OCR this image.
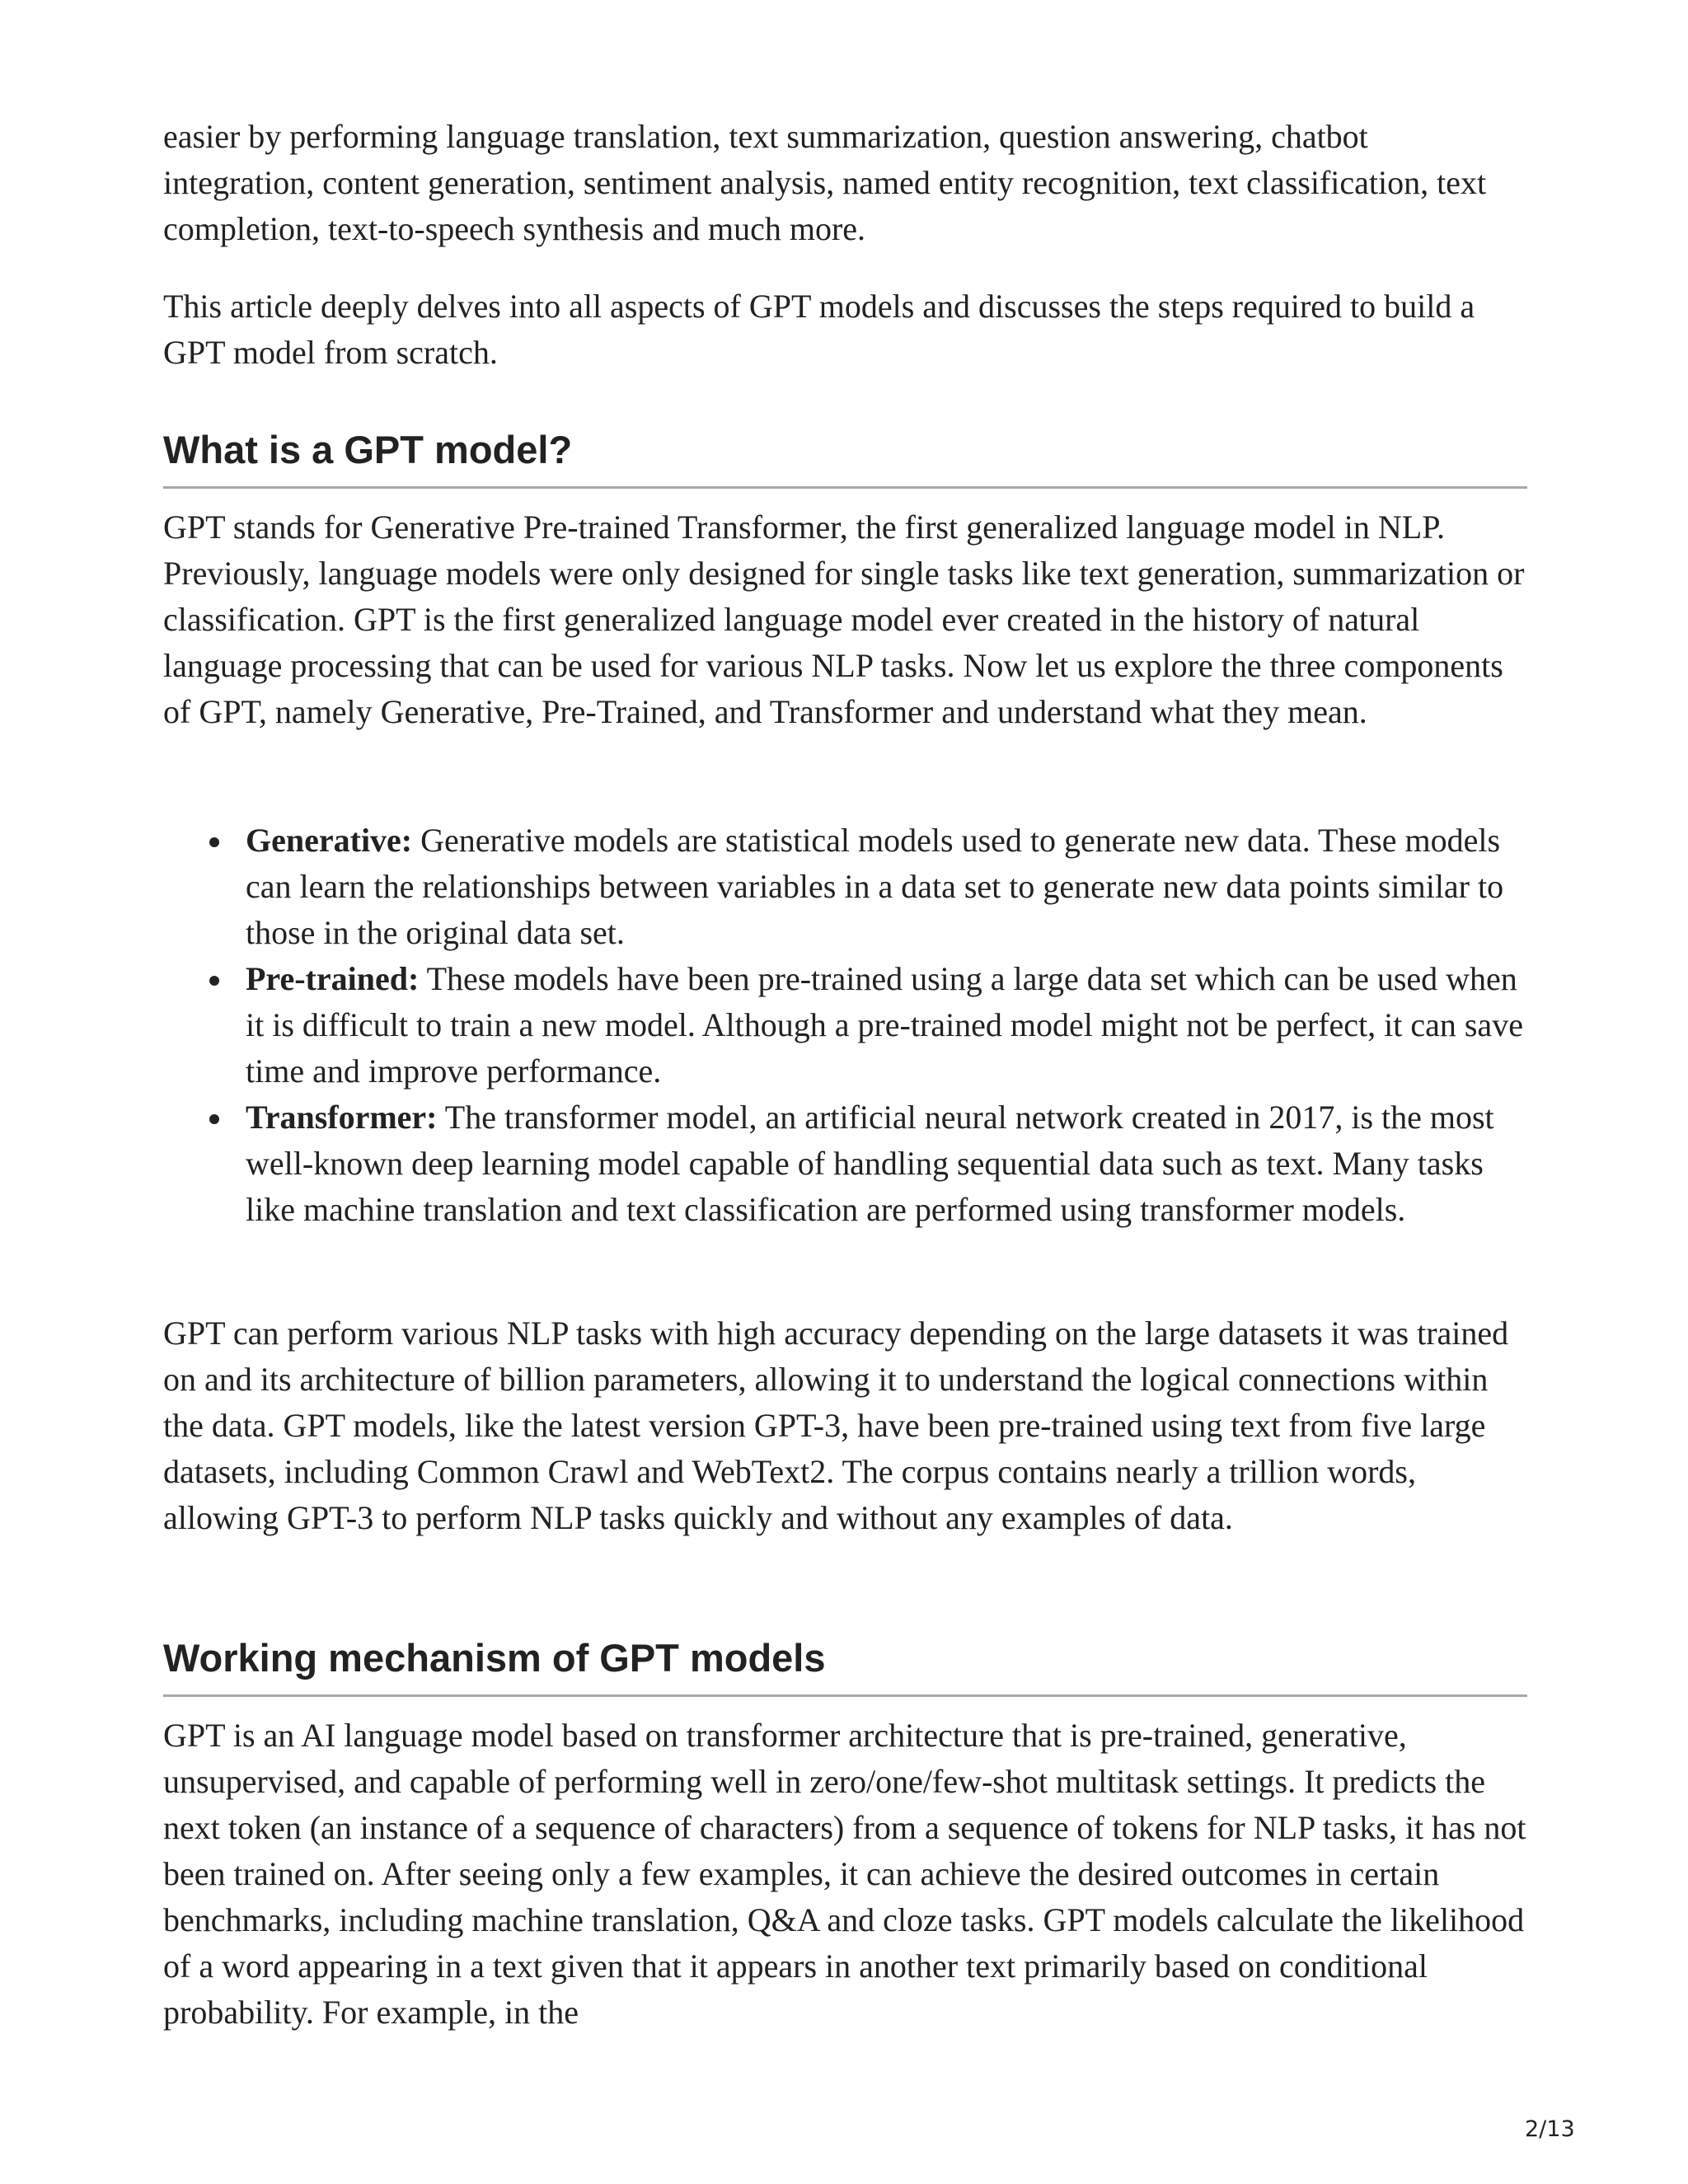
easier by performing language translation, text summarization, question answering, chatbot integration, content generation, sentiment analysis, named entity recognition, text classification, text completion, text-to-speech synthesis and much more.

This article deeply delves into all aspects of GPT models and discusses the steps required to build a GPT model from scratch.

What is a GPT model?

GPT stands for Generative Pre-trained Transformer, the first generalized language model in NLP. Previously, language models were only designed for single tasks like text generation, summarization or classification. GPT is the first generalized language model ever created in the history of natural language processing that can be used for various NLP tasks. Now let us explore the three components of GPT, namely Generative, Pre-Trained, and Transformer and understand what they mean.

Generative: Generative models are statistical models used to generate new data. These models can learn the relationships between variables in a data set to generate new data points similar to those in the original data set.
Pre-trained: These models have been pre-trained using a large data set which can be used when it is difficult to train a new model. Although a pre-trained model might not be perfect, it can save time and improve performance.
Transformer: The transformer model, an artificial neural network created in 2017, is the most well-known deep learning model capable of handling sequential data such as text. Many tasks like machine translation and text classification are performed using transformer models.

GPT can perform various NLP tasks with high accuracy depending on the large datasets it was trained on and its architecture of billion parameters, allowing it to understand the logical connections within the data. GPT models, like the latest version GPT-3, have been pre-trained using text from five large datasets, including Common Crawl and WebText2. The corpus contains nearly a trillion words, allowing GPT-3 to perform NLP tasks quickly and without any examples of data.

Working mechanism of GPT models

GPT is an AI language model based on transformer architecture that is pre-trained, generative, unsupervised, and capable of performing well in zero/one/few-shot multitask settings. It predicts the next token (an instance of a sequence of characters) from a sequence of tokens for NLP tasks, it has not been trained on. After seeing only a few examples, it can achieve the desired outcomes in certain benchmarks, including machine translation, Q&A and cloze tasks. GPT models calculate the likelihood of a word appearing in a text given that it appears in another text primarily based on conditional probability. For example, in the

2/13
